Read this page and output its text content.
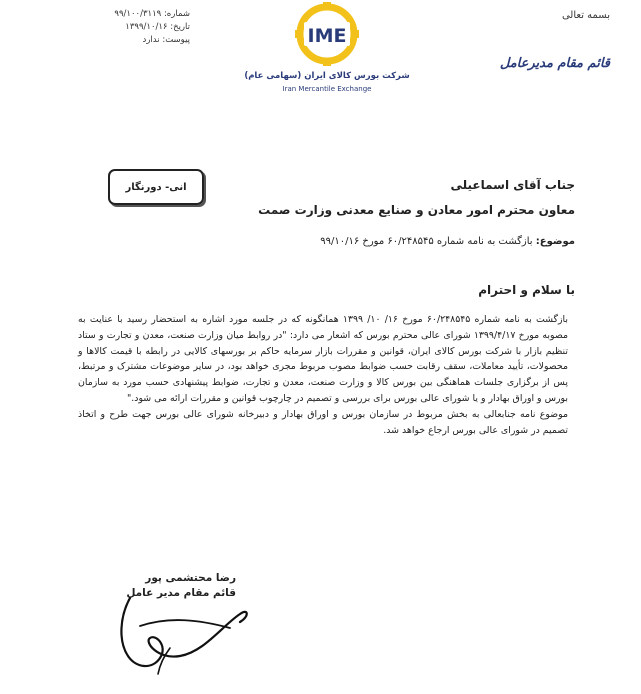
شماره: ۹۹/۱۰۰/۳۱۱۹
تاریخ: ۱۳۹۹/۱۰/۱۶
پیوست: ندارد	IME
شرکت بورس کالای ایران (سهامی عام)
Iran Mercantile Exchange
بسمه تعالی
قائم مقام مدیرعامل
انی- دورنگار	جناب آقای اسماعیلی
معاون محترم امور معادن و صنایع معدنی وزارت صمت
موضوع: بازگشت به نامه شماره ۶۰/۲۴۸۵۴۵ مورخ ۹۹/۱۰/۱۶
با سلام و احترام

بازگشت به نامه شماره ۶۰/۲۴۸۵۴۵ مورخ ۱۶/ ۱۰/ ۱۳۹۹ همانگونه که در جلسه مورد اشاره به استحضار رسید با عنایت به مصوبه مورخ ۱۳۹۹/۴/۱۷ شورای عالی محترم بورس که اشعار می دارد: "در روابط میان وزارت صنعت، معدن و تجارت و ستاد تنظیم بازار با شرکت بورس کالای ایران، قوانین و مقررات بازار سرمایه حاکم بر بورسهای کالایی در رابطه با قیمت کالاها و محصولات، تأیید معاملات، سقف رقابت حسب ضوابط مصوب مربوط مجری خواهد بود، در سایر موضوعات مشترک و مرتبط، پس از برگزاری جلسات هماهنگی بین بورس کالا و وزارت صنعت، معدن و تجارت، ضوابط پیشنهادی حسب مورد به سازمان بورس و اوراق بهادار و یا شورای عالی بورس برای بررسی و تصمیم در چارچوب قوانین و مقررات ارائه می شود."

موضوع نامه جنابعالی به بخش مربوط در سازمان بورس و اوراق بهادار و دبیرخانه شورای عالی بورس جهت طرح و اتخاذ تصمیم در شورای عالی بورس ارجاع خواهد شد.

رضا محتشمی پور
قائم مقام مدیر عامل
